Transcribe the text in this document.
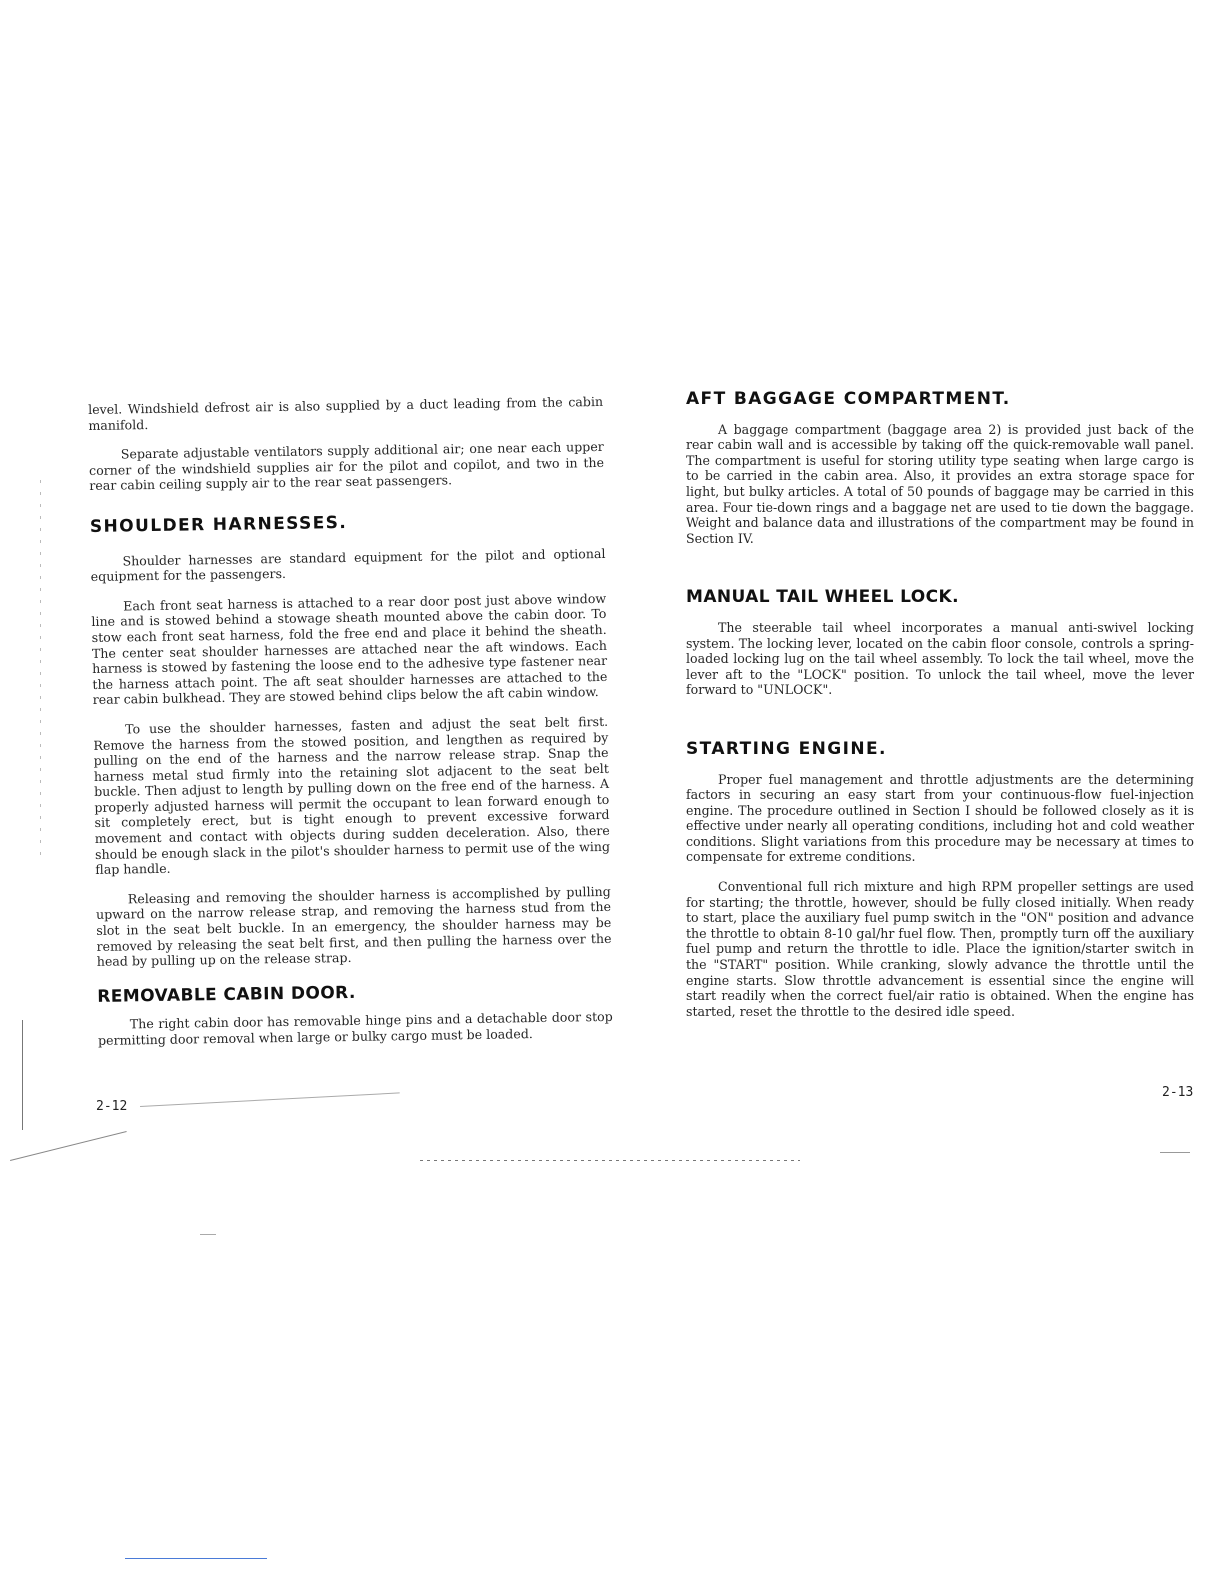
level. Windshield defrost air is also supplied by a duct leading from the cabin manifold.

Separate adjustable ventilators supply additional air; one near each upper corner of the windshield supplies air for the pilot and copilot, and two in the rear cabin ceiling supply air to the rear seat passengers.

SHOULDER HARNESSES.

Shoulder harnesses are standard equipment for the pilot and optional equipment for the passengers.

Each front seat harness is attached to a rear door post just above window line and is stowed behind a stowage sheath mounted above the cabin door. To stow each front seat harness, fold the free end and place it behind the sheath. The center seat shoulder harnesses are attached near the aft windows. Each harness is stowed by fastening the loose end to the adhesive type fastener near the harness attach point. The aft seat shoulder harnesses are attached to the rear cabin bulkhead. They are stowed behind clips below the aft cabin window.

To use the shoulder harnesses, fasten and adjust the seat belt first. Remove the harness from the stowed position, and lengthen as required by pulling on the end of the harness and the narrow release strap. Snap the harness metal stud firmly into the retaining slot adjacent to the seat belt buckle. Then adjust to length by pulling down on the free end of the harness. A properly adjusted harness will permit the occupant to lean forward enough to sit completely erect, but is tight enough to prevent excessive forward movement and contact with objects during sudden deceleration. Also, there should be enough slack in the pilot's shoulder harness to permit use of the wing flap handle.

Releasing and removing the shoulder harness is accomplished by pulling upward on the narrow release strap, and removing the harness stud from the slot in the seat belt buckle. In an emergency, the shoulder harness may be removed by releasing the seat belt first, and then pulling the harness over the head by pulling up on the release strap.

REMOVABLE CABIN DOOR.

The right cabin door has removable hinge pins and a detachable door stop permitting door removal when large or bulky cargo must be loaded.

2-12
AFT BAGGAGE COMPARTMENT.

A baggage compartment (baggage area 2) is provided just back of the rear cabin wall and is accessible by taking off the quick-removable wall panel. The compartment is useful for storing utility type seating when large cargo is to be carried in the cabin area. Also, it provides an extra storage space for light, but bulky articles. A total of 50 pounds of baggage may be carried in this area. Four tie-down rings and a baggage net are used to tie down the baggage. Weight and balance data and illustrations of the compartment may be found in Section IV.

MANUAL TAIL WHEEL LOCK.

The steerable tail wheel incorporates a manual anti-swivel locking system. The locking lever, located on the cabin floor console, controls a spring-loaded locking lug on the tail wheel assembly. To lock the tail wheel, move the lever aft to the "LOCK" position. To unlock the tail wheel, move the lever forward to "UNLOCK".

STARTING ENGINE.

Proper fuel management and throttle adjustments are the determining factors in securing an easy start from your continuous-flow fuel-injection engine. The procedure outlined in Section I should be followed closely as it is effective under nearly all operating conditions, including hot and cold weather conditions. Slight variations from this procedure may be necessary at times to compensate for extreme conditions.

Conventional full rich mixture and high RPM propeller settings are used for starting; the throttle, however, should be fully closed initially. When ready to start, place the auxiliary fuel pump switch in the "ON" position and advance the throttle to obtain 8-10 gal/hr fuel flow. Then, promptly turn off the auxiliary fuel pump and return the throttle to idle. Place the ignition/starter switch in the "START" position. While cranking, slowly advance the throttle until the engine starts. Slow throttle advancement is essential since the engine will start readily when the correct fuel/air ratio is obtained. When the engine has started, reset the throttle to the desired idle speed.

2-13
